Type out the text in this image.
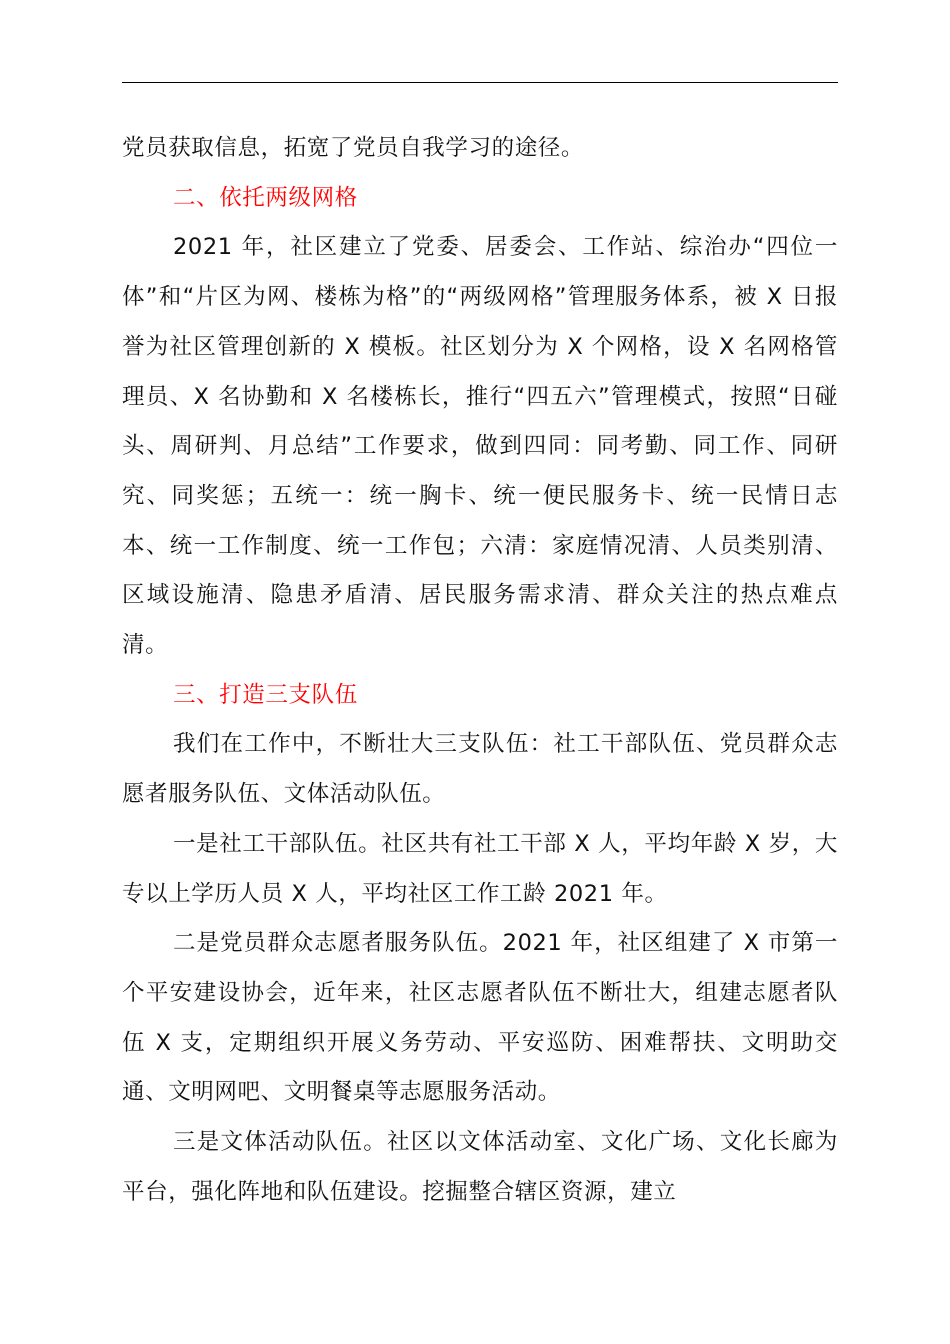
党员获取信息，拓宽了党员自我学习的途径。

二、依托两级网格

2021 年，社区建立了党委、居委会、工作站、综治办“四位一体”和“片区为网、楼栋为格”的“两级网格”管理服务体系，被 X 日报誉为社区管理创新的 X 模板。社区划分为 X 个网格，设 X 名网格管理员、X 名协勤和 X 名楼栋长，推行“四五六”管理模式，按照“日碰头、周研判、月总结”工作要求，做到四同：同考勤、同工作、同研究、同奖惩；五统一：统一胸卡、统一便民服务卡、统一民情日志本、统一工作制度、统一工作包；六清：家庭情况清、人员类别清、区域设施清、隐患矛盾清、居民服务需求清、群众关注的热点难点清。

三、打造三支队伍

我们在工作中，不断壮大三支队伍：社工干部队伍、党员群众志愿者服务队伍、文体活动队伍。

一是社工干部队伍。社区共有社工干部 X 人，平均年龄 X 岁，大专以上学历人员 X 人，平均社区工作工龄 2021 年。

二是党员群众志愿者服务队伍。2021 年，社区组建了 X 市第一个平安建设协会，近年来，社区志愿者队伍不断壮大，组建志愿者队伍 X 支，定期组织开展义务劳动、平安巡防、困难帮扶、文明助交通、文明网吧、文明餐桌等志愿服务活动。

三是文体活动队伍。社区以文体活动室、文化广场、文化长廊为平台，强化阵地和队伍建设。挖掘整合辖区资源，建立
